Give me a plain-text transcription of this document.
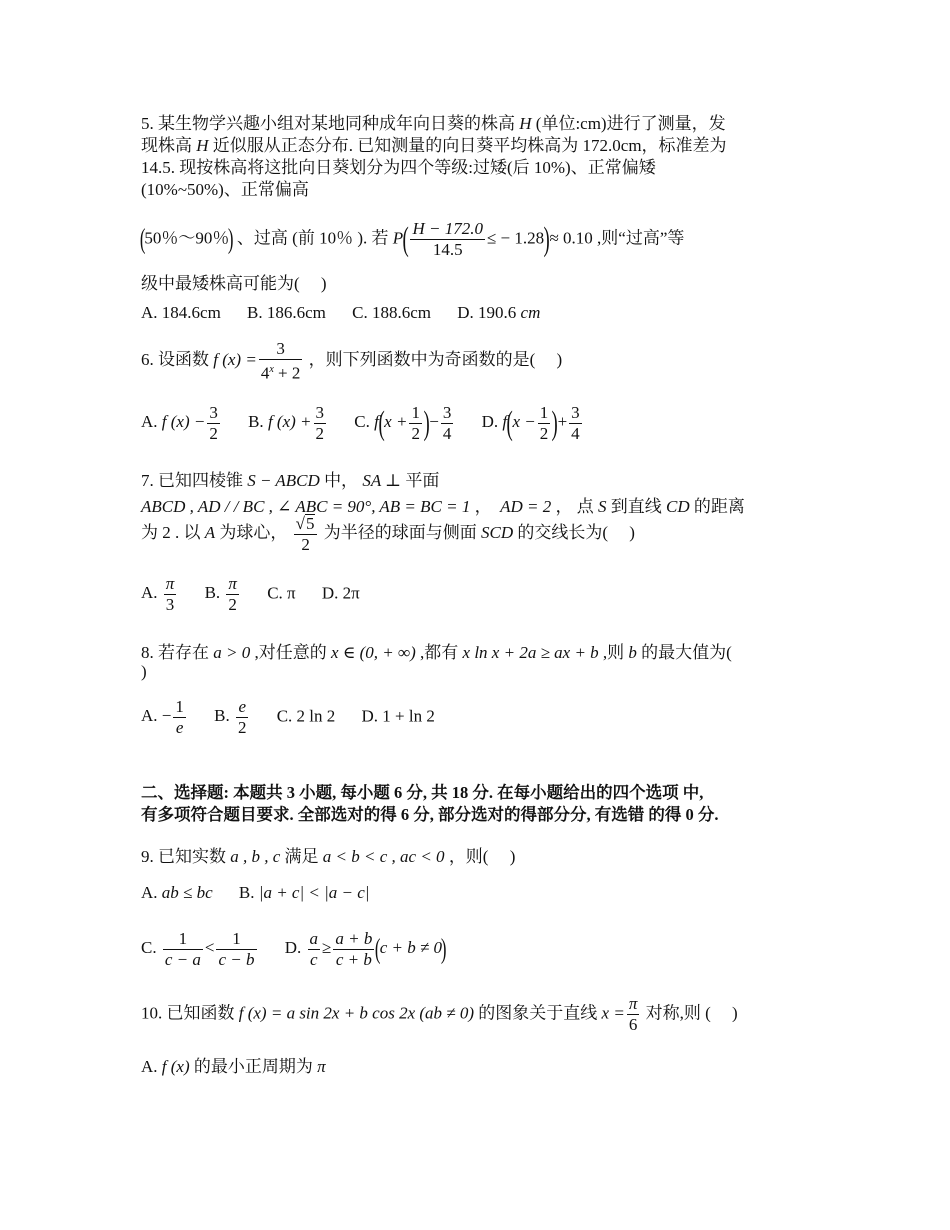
5. 某生物学兴趣小组对某地同种成年向日葵的株高 H (单位:cm)进行了测量，发
现株高 H 近似服从正态分布. 已知测量的向日葵平均株高为 172.0cm，标准差为
14.5. 现按株高将这批向日葵划分为四个等级:过矮(后 10%)、正常偏矮
(10%~50%)、正常偏高
(50％～90％) 、过高 (前 10％ ). 若 $P( \frac{H - 172.0}{14.5}$ ≤ − 1.28)≈ 0.10 ,则“过高”等
级中最矮株高可能为(　 )
A. 184.6cm B. 186.6cm C. 188.6cm D. 190.6 cm
6. 设函数 f $(x) = \frac{3}{4^x + 2}$ ，则下列函数中为奇函数的是(　 )
A. f $(x) - \frac{3}{2} B$. f $(x) + \frac{3}{2} C$. $f(x + \frac{1}{2}$ )− $\frac{3}{4} D$. $f(x - \frac{1}{2}$ )+ $\frac{3}{4}$
7. 已知四棱锥 S − ABCD 中， SA ⊥ 平面
ABCD , AD / / BC , ∠ ABC = 90°, AB = BC = 1 ，　AD = 2 ， 点 S 到直线 CD 的距离
为 2 . 以 A 为球心， $\frac{√5}{2}$ 为半径的球面与侧面 SCD 的交线长为(　 )
A. $\frac{\pi}{3} B$. $\frac{\pi}{2} C$. π D. 2π
8. 若存在 a > 0 ,对任意的 x ∈ (0, + ∞) ,都有 x ln x + 2a ≥ ax + b ,则 b 的最大值为(
)
A. − $\frac{1}{e} B$. $\frac{e}{2} C$. 2 ln 2 D. 1 + ln 2
二、选择题: 本题共 3 小题, 每小题 6 分, 共 18 分. 在每小题给出的四个选项 中,
有多项符合题目要求. 全部选对的得 6 分, 部分选对的得部分分, 有选错 的得 0 分.
9. 已知实数 a , b , c 满足 a < b < c , ac < 0 ，则(　 )
A. ab ≤ bc B. |a + c| < |a − c|
C. $\frac{1}{c - a} < \frac{1}{c - b} D$. $\frac{a}{c} \ge \frac{a + b}{c + b} (c + b \ne 0)$
10. 已知函数 f (x) = a sin 2x + b cos 2x (ab ≠ 0) 的图象关于直线 $x = \frac{\pi}{6}$ 对称,则 (　 )
A. f (x) 的最小正周期为 π
